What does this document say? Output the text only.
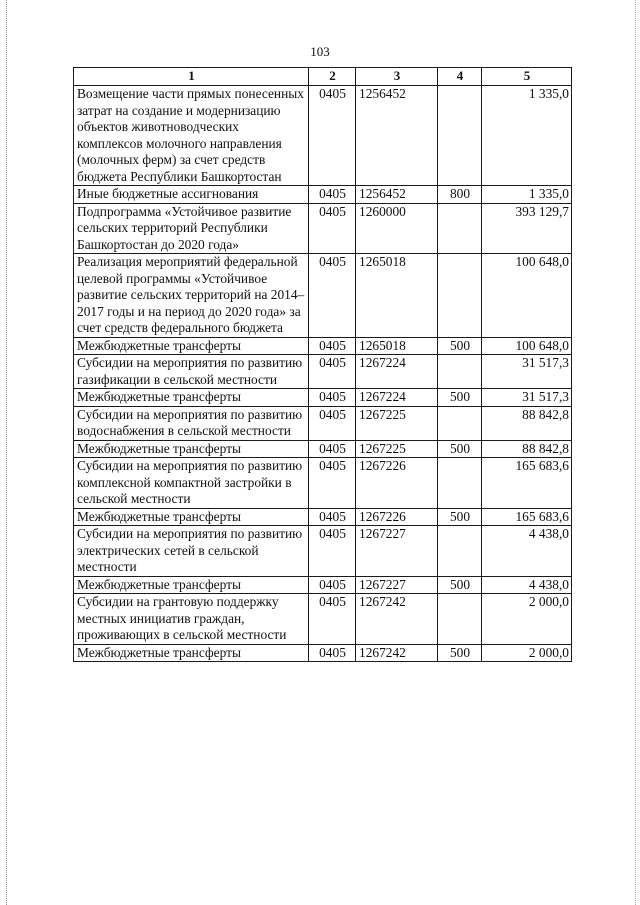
103
1	2	3	4	5
Возмещение части прямых понесенных затрат на создание и модернизацию объектов животноводческих комплексов молочного направления (молочных ферм) за счет средств бюджета Республики Башкортостан	0405	1256452		1 335,0
Иные бюджетные ассигнования	0405	1256452	800	1 335,0
Подпрограмма «Устойчивое развитие сельских территорий Республики Башкортостан до 2020 года»	0405	1260000		393 129,7
Реализация мероприятий федеральной целевой программы «Устойчивое развитие сельских территорий на 2014–2017 годы и на период до 2020 года» за счет средств федерального бюджета	0405	1265018		100 648,0
Межбюджетные трансферты	0405	1265018	500	100 648,0
Субсидии на мероприятия по развитию газификации в сельской местности	0405	1267224		31 517,3
Межбюджетные трансферты	0405	1267224	500	31 517,3
Субсидии на мероприятия по развитию водоснабжения в сельской местности	0405	1267225		88 842,8
Межбюджетные трансферты	0405	1267225	500	88 842,8
Субсидии на мероприятия по развитию комплексной компактной застройки в сельской местности	0405	1267226		165 683,6
Межбюджетные трансферты	0405	1267226	500	165 683,6
Субсидии на мероприятия по развитию электрических сетей в сельской местности	0405	1267227		4 438,0
Межбюджетные трансферты	0405	1267227	500	4 438,0
Субсидии на грантовую поддержку местных инициатив граждан, проживающих в сельской местности	0405	1267242		2 000,0
Межбюджетные трансферты	0405	1267242	500	2 000,0
